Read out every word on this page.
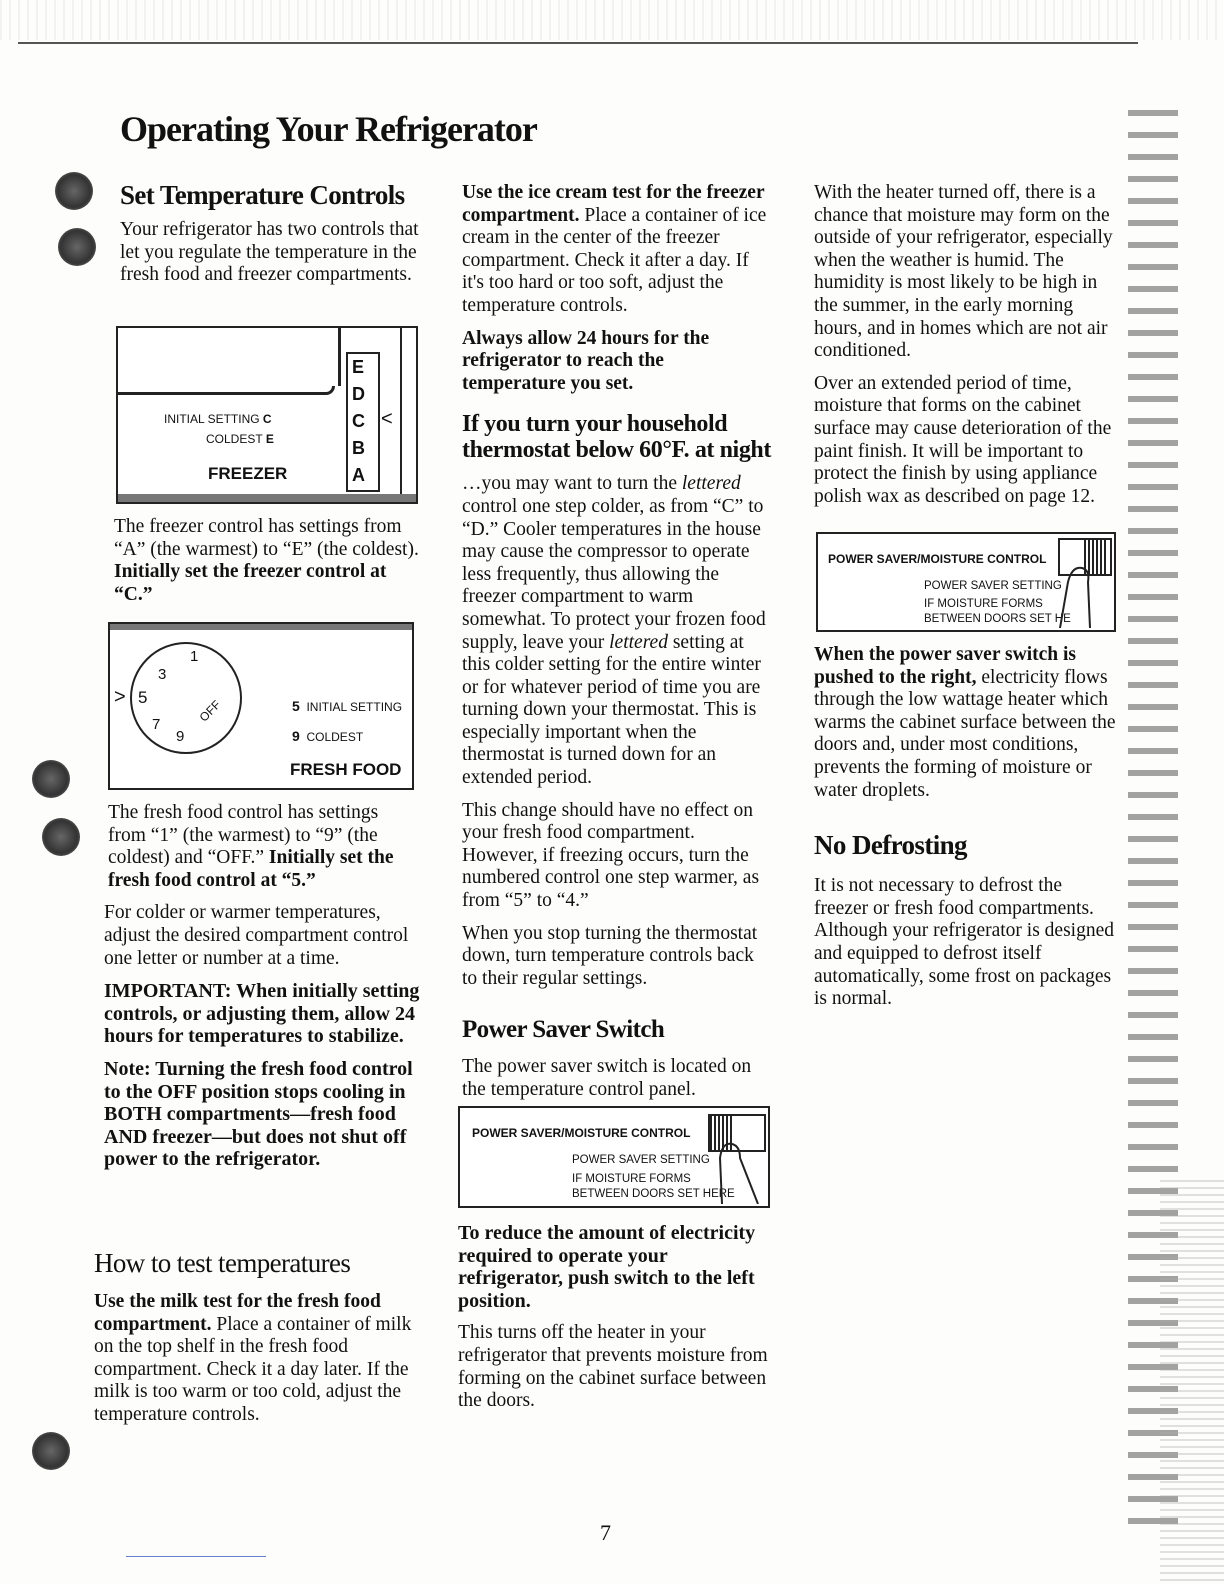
Operating Your Refrigerator
Set Temperature Controls

Your refrigerator has two controls that let you regulate the temperature in the fresh food and freezer compartments.

E
D
C
B
A
<
INITIAL SETTING C
COLDEST E
FREEZER

The freezer control has settings from “A” (the warmest) to “E” (the coldest). Initially set the freezer control at “C.”

1
3
5
7
9
OFF
>	5 INITIAL SETTING
9 COLDEST
FRESH FOOD

The fresh food control has settings from “1” (the warmest) to “9” (the coldest) and “OFF.” Initially set the fresh food control at “5.”

For colder or warmer temperatures, adjust the desired compartment control one letter or number at a time.

IMPORTANT: When initially setting controls, or adjusting them, allow 24 hours for temperatures to stabilize.

Note: Turning the fresh food control to the OFF position stops cooling in BOTH compartments—fresh food AND freezer—but does not shut off power to the refrigerator.

How to test temperatures

Use the milk test for the fresh food compartment. Place a container of milk on the top shelf in the fresh food compartment. Check it a day later. If the milk is too warm or too cold, adjust the temperature controls.

Use the ice cream test for the freezer compartment. Place a container of ice cream in the center of the freezer compartment. Check it after a day. If it's too hard or too soft, adjust the temperature controls.

Always allow 24 hours for the refrigerator to reach the temperature you set.

If you turn your household thermostat below 60°F. at night

…you may want to turn the lettered control one step colder, as from “C” to “D.” Cooler temperatures in the house may cause the compressor to operate less frequently, thus allowing the freezer compartment to warm somewhat. To protect your frozen food supply, leave your lettered setting at this colder setting for the entire winter or for whatever period of time you are turning down your thermostat. This is especially important when the thermostat is turned down for an extended period.

This change should have no effect on your fresh food compartment. However, if freezing occurs, turn the numbered control one step warmer, as from “5” to “4.”

When you stop turning the thermostat down, turn temperature controls back to their regular settings.

Power Saver Switch

The power saver switch is located on the temperature control panel.

POWER SAVER/MOISTURE CONTROL
POWER SAVER SETTING
IF MOISTURE FORMS
BETWEEN DOORS SET HERE

To reduce the amount of electricity required to operate your refrigerator, push switch to the left position.

This turns off the heater in your refrigerator that prevents moisture from forming on the cabinet surface between the doors.

With the heater turned off, there is a chance that moisture may form on the outside of your refrigerator, especially when the weather is humid. The humidity is most likely to be high in the summer, in the early morning hours, and in homes which are not air conditioned.

Over an extended period of time, moisture that forms on the cabinet surface may cause deterioration of the paint finish. It will be important to protect the finish by using appliance polish wax as described on page 12.

POWER SAVER/MOISTURE CONTROL
POWER SAVER SETTING
IF MOISTURE FORMS
BETWEEN DOORS SET HE

When the power saver switch is pushed to the right, electricity flows through the low wattage heater which warms the cabinet surface between the doors and, under most conditions, prevents the forming of moisture or water droplets.

No Defrosting

It is not necessary to defrost the freezer or fresh food compartments. Although your refrigerator is designed and equipped to defrost itself automatically, some frost on packages is normal.

7
